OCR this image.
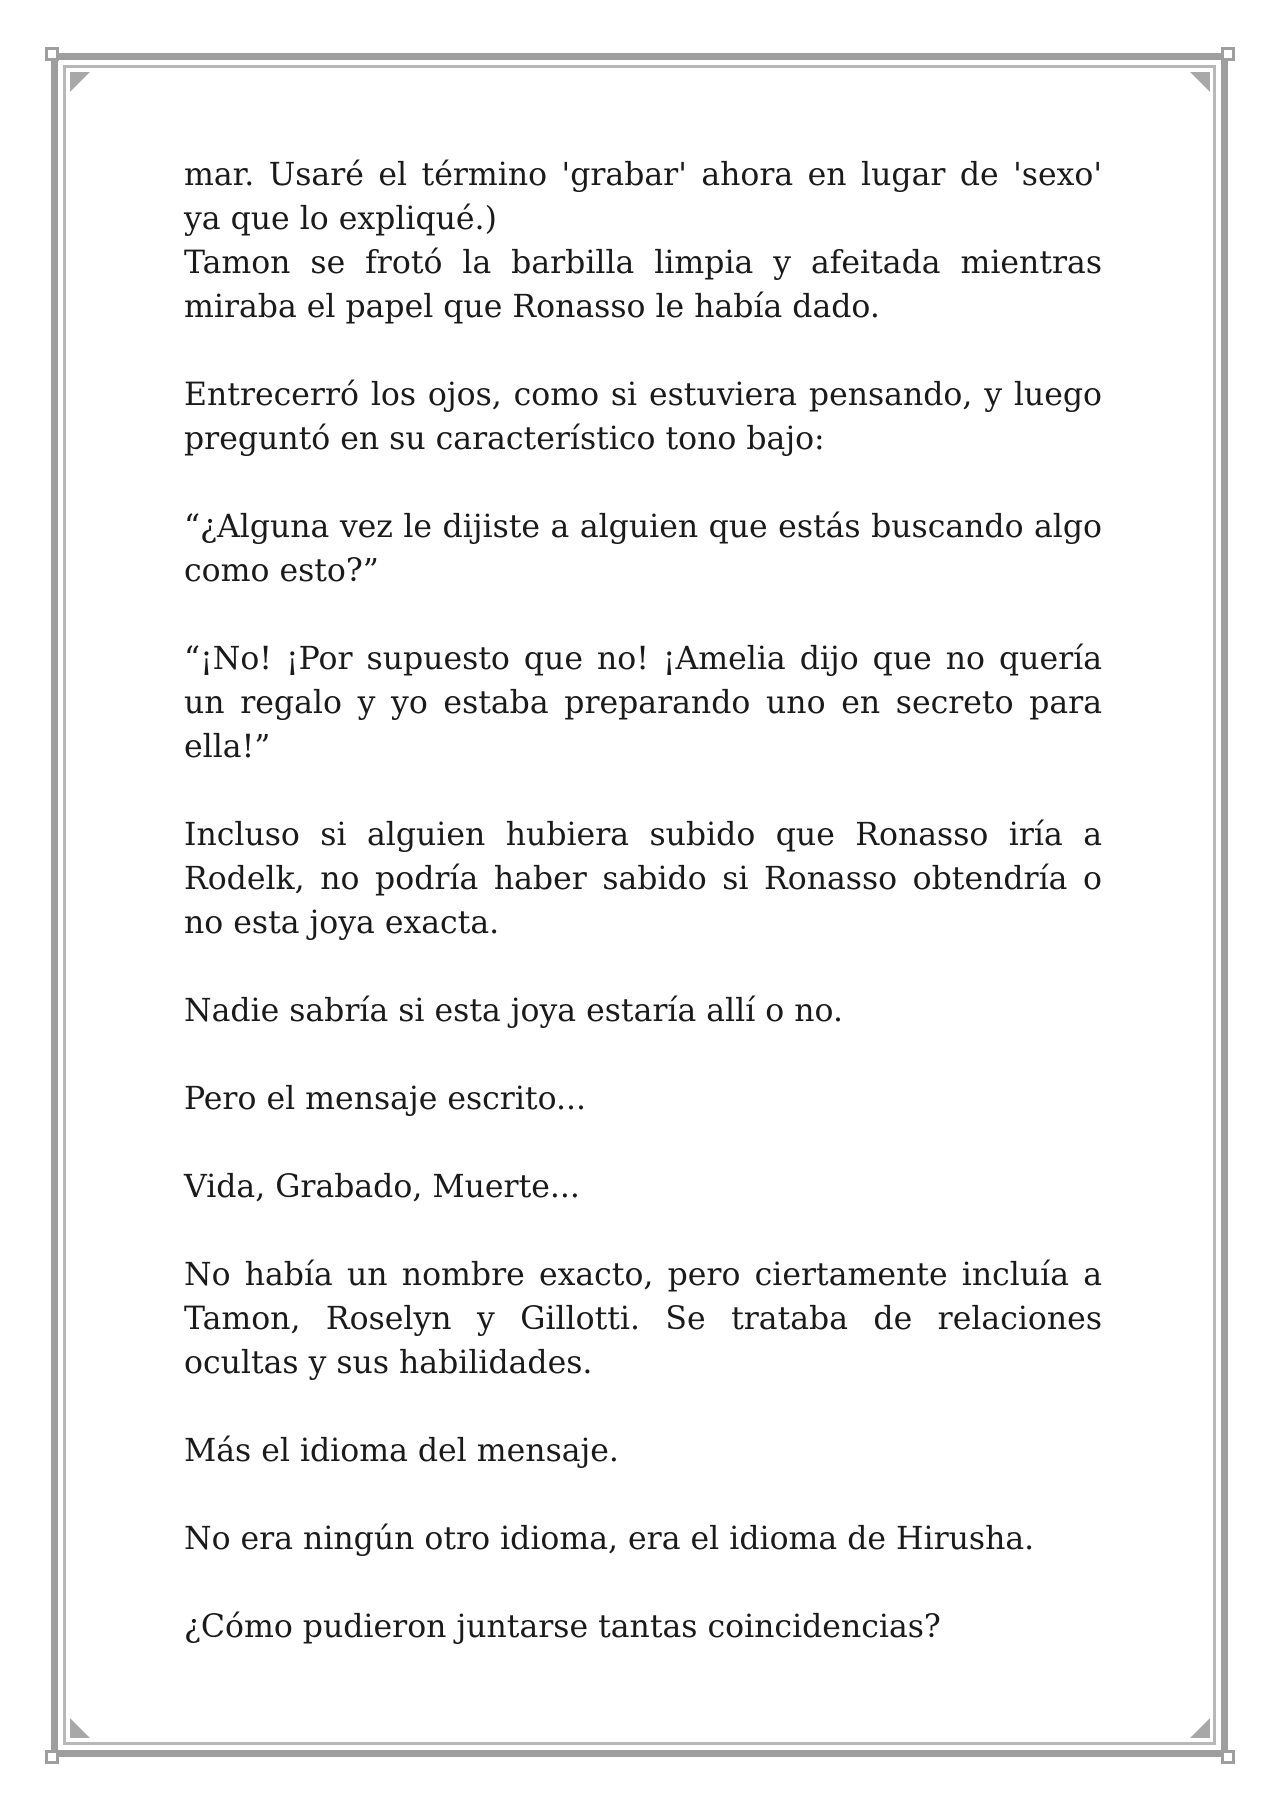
mar. Usaré el término 'grabar' ahora en lugar de 'sexo' ya que lo expliqué.)

Tamon se frotó la barbilla limpia y afeitada mientras miraba el papel que Ronasso le había dado.

Entrecerró los ojos, como si estuviera pensando, y luego preguntó en su característico tono bajo:

“¿Alguna vez le dijiste a alguien que estás buscando algo como esto?”

“¡No! ¡Por supuesto que no! ¡Amelia dijo que no quería un regalo y yo estaba preparando uno en secreto para ella!”

Incluso si alguien hubiera subido que Ronasso iría a Rodelk, no podría haber sabido si Ronasso obtendría o no esta joya exacta.

Nadie sabría si esta joya estaría allí o no.

Pero el mensaje escrito...

Vida, Grabado, Muerte...

No había un nombre exacto, pero ciertamente incluía a Tamon, Roselyn y Gillotti. Se trataba de relaciones ocultas y sus habilidades.

Más el idioma del mensaje.

No era ningún otro idioma, era el idioma de Hirusha.

¿Cómo pudieron juntarse tantas coincidencias?
